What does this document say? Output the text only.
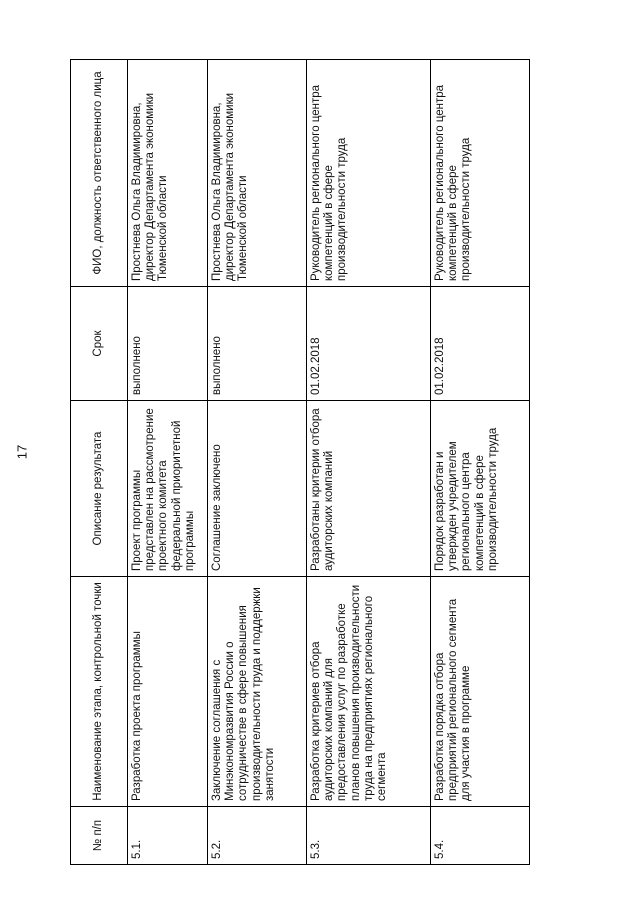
17
№ п/п	Наименование этапа, контрольной точки	Описание результата	Срок	ФИО, должность ответственного лица
5.1.	Разработка проекта программы	Проект программы представлен на рассмотрение проектного комитета федеральной приоритетной программы	выполнено	Простнева Ольга Владимировна, директор Департамента экономики Тюменской области
5.2.	Заключение соглашения с Минэкономразвития России о сотрудничестве в сфере повышения производительности труда и поддержки занятости	Соглашение заключено	выполнено	Простнева Ольга Владимировна, директор Департамента экономики Тюменской области
5.3.	Разработка критериев отбора аудиторских компаний для предоставления услуг по разработке планов повышения производительности труда на предприятиях регионального сегмента	Разработаны критерии отбора аудиторских компаний	01.02.2018	Руководитель регионального центра компетенций в сфере производительности труда
5.4.	Разработка порядка отбора предприятий регионального сегмента для участия в программе	Порядок разработан и утвержден учредителем регионального центра компетенций в сфере производительности труда	01.02.2018	Руководитель регионального центра компетенций в сфере производительности труда
